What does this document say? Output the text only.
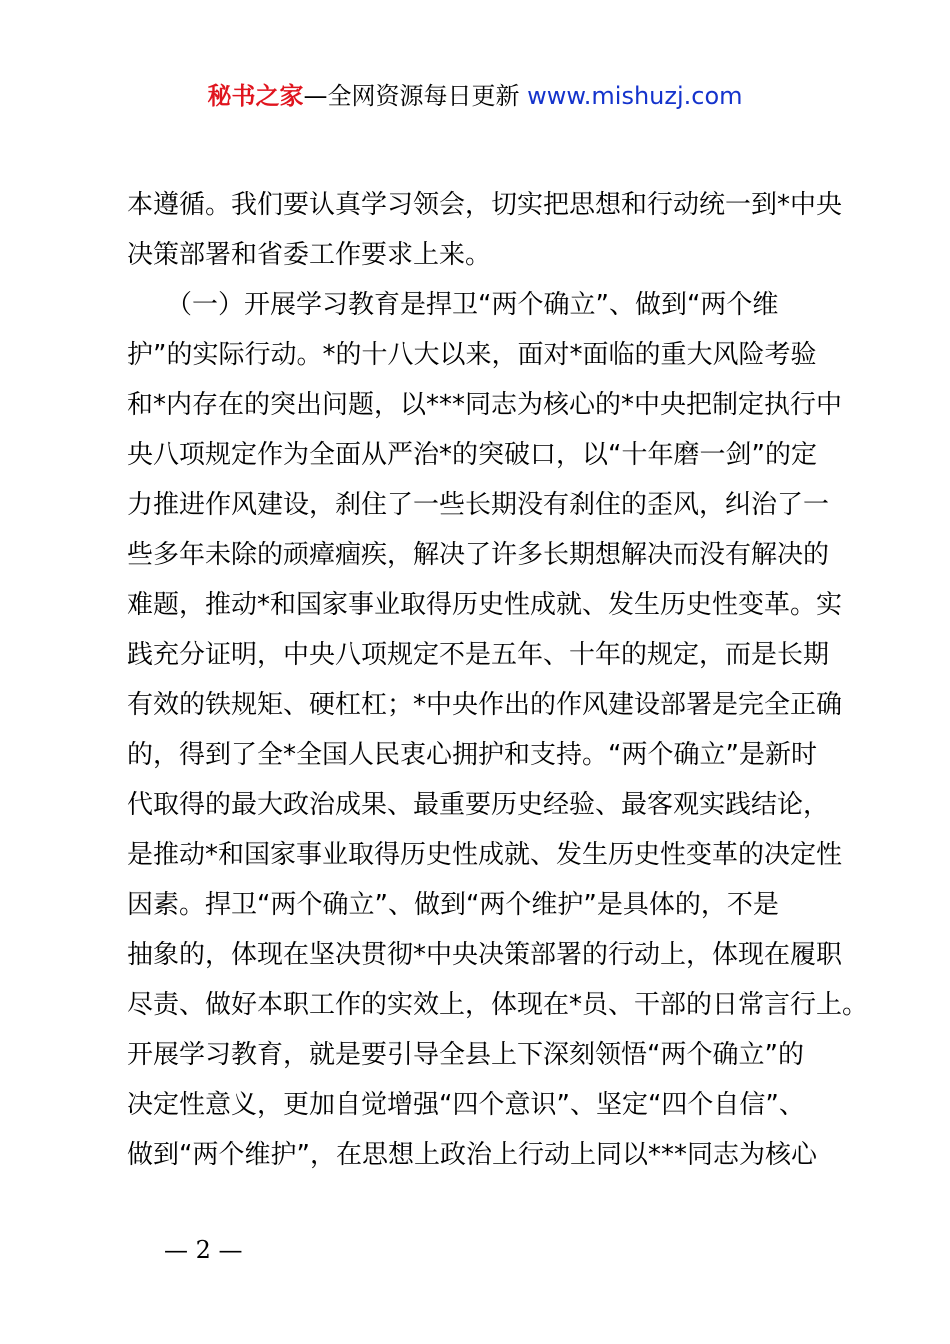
秘书之家—全网资源每日更新 www.mishuzj.com
本遵循。我们要认真学习领会，切实把思想和行动统一到*中央
决策部署和省委工作要求上来。
　　（一）开展学习教育是捍卫“两个确立”、做到“两个维
护”的实际行动。*的十八大以来，面对*面临的重大风险考验
和*内存在的突出问题，以***同志为核心的*中央把制定执行中
央八项规定作为全面从严治*的突破口，以“十年磨一剑”的定
力推进作风建设，刹住了一些长期没有刹住的歪风，纠治了一
些多年未除的顽瘴痼疾，解决了许多长期想解决而没有解决的
难题，推动*和国家事业取得历史性成就、发生历史性变革。实
践充分证明，中央八项规定不是五年、十年的规定，而是长期
有效的铁规矩、硬杠杠；*中央作出的作风建设部署是完全正确
的，得到了全*全国人民衷心拥护和支持。“两个确立”是新时
代取得的最大政治成果、最重要历史经验、最客观实践结论，
是推动*和国家事业取得历史性成就、发生历史性变革的决定性
因素。捍卫“两个确立”、做到“两个维护”是具体的，不是
抽象的，体现在坚决贯彻*中央决策部署的行动上，体现在履职
尽责、做好本职工作的实效上，体现在*员、干部的日常言行上。
开展学习教育，就是要引导全县上下深刻领悟“两个确立”的
决定性意义，更加自觉增强“四个意识”、坚定“四个自信”、
做到“两个维护”，在思想上政治上行动上同以***同志为核心
— 2 —
